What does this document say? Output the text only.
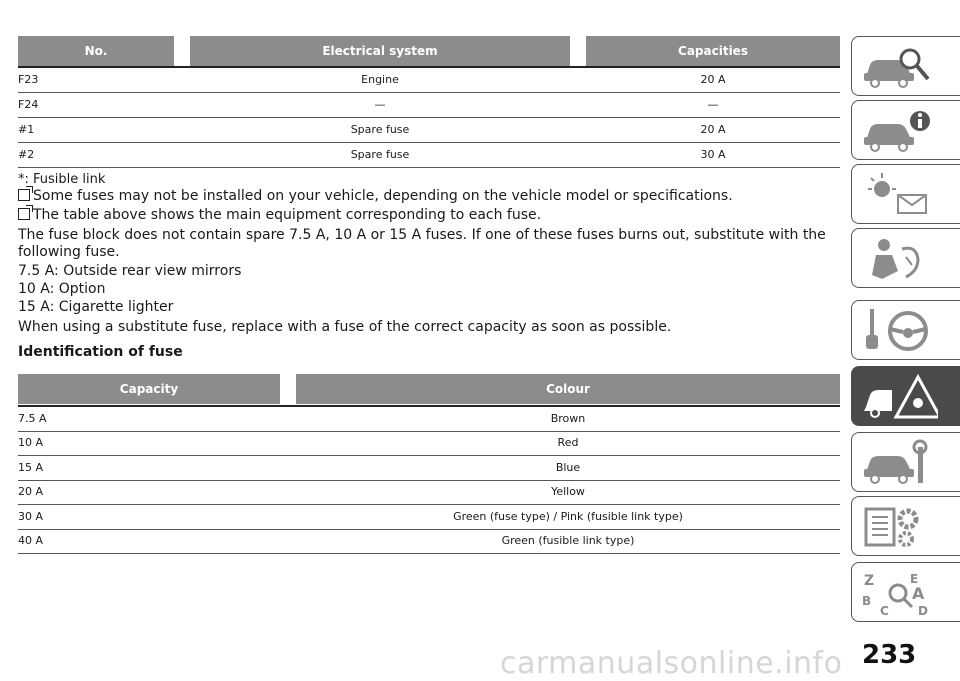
No.	Electrical system	Capacities
F23	Engine	20 A
F24	—	—
#1	Spare fuse	20 A
#2	Spare fuse	30 A
*: Fusible link
Some fuses may not be installed on your vehicle, depending on the vehicle model or specifications.
The table above shows the main equipment corresponding to each fuse.
The fuse block does not contain spare 7.5 A, 10 A or 15 A fuses. If one of these fuses burns out, substitute with the following fuse.
7.5 A: Outside rear view mirrors
10 A: Option
15 A: Cigarette lighter
When using a substitute fuse, replace with a fuse of the correct capacity as soon as possible.
Identification of fuse
Capacity	Colour
7.5 A	Brown
10 A	Red
15 A	Blue
20 A	Yellow
30 A	Green (fuse type) / Pink (fusible link type)
40 A	Green (fusible link type)
Z	E
B	A
D
C
carmanualsonline.info 233
